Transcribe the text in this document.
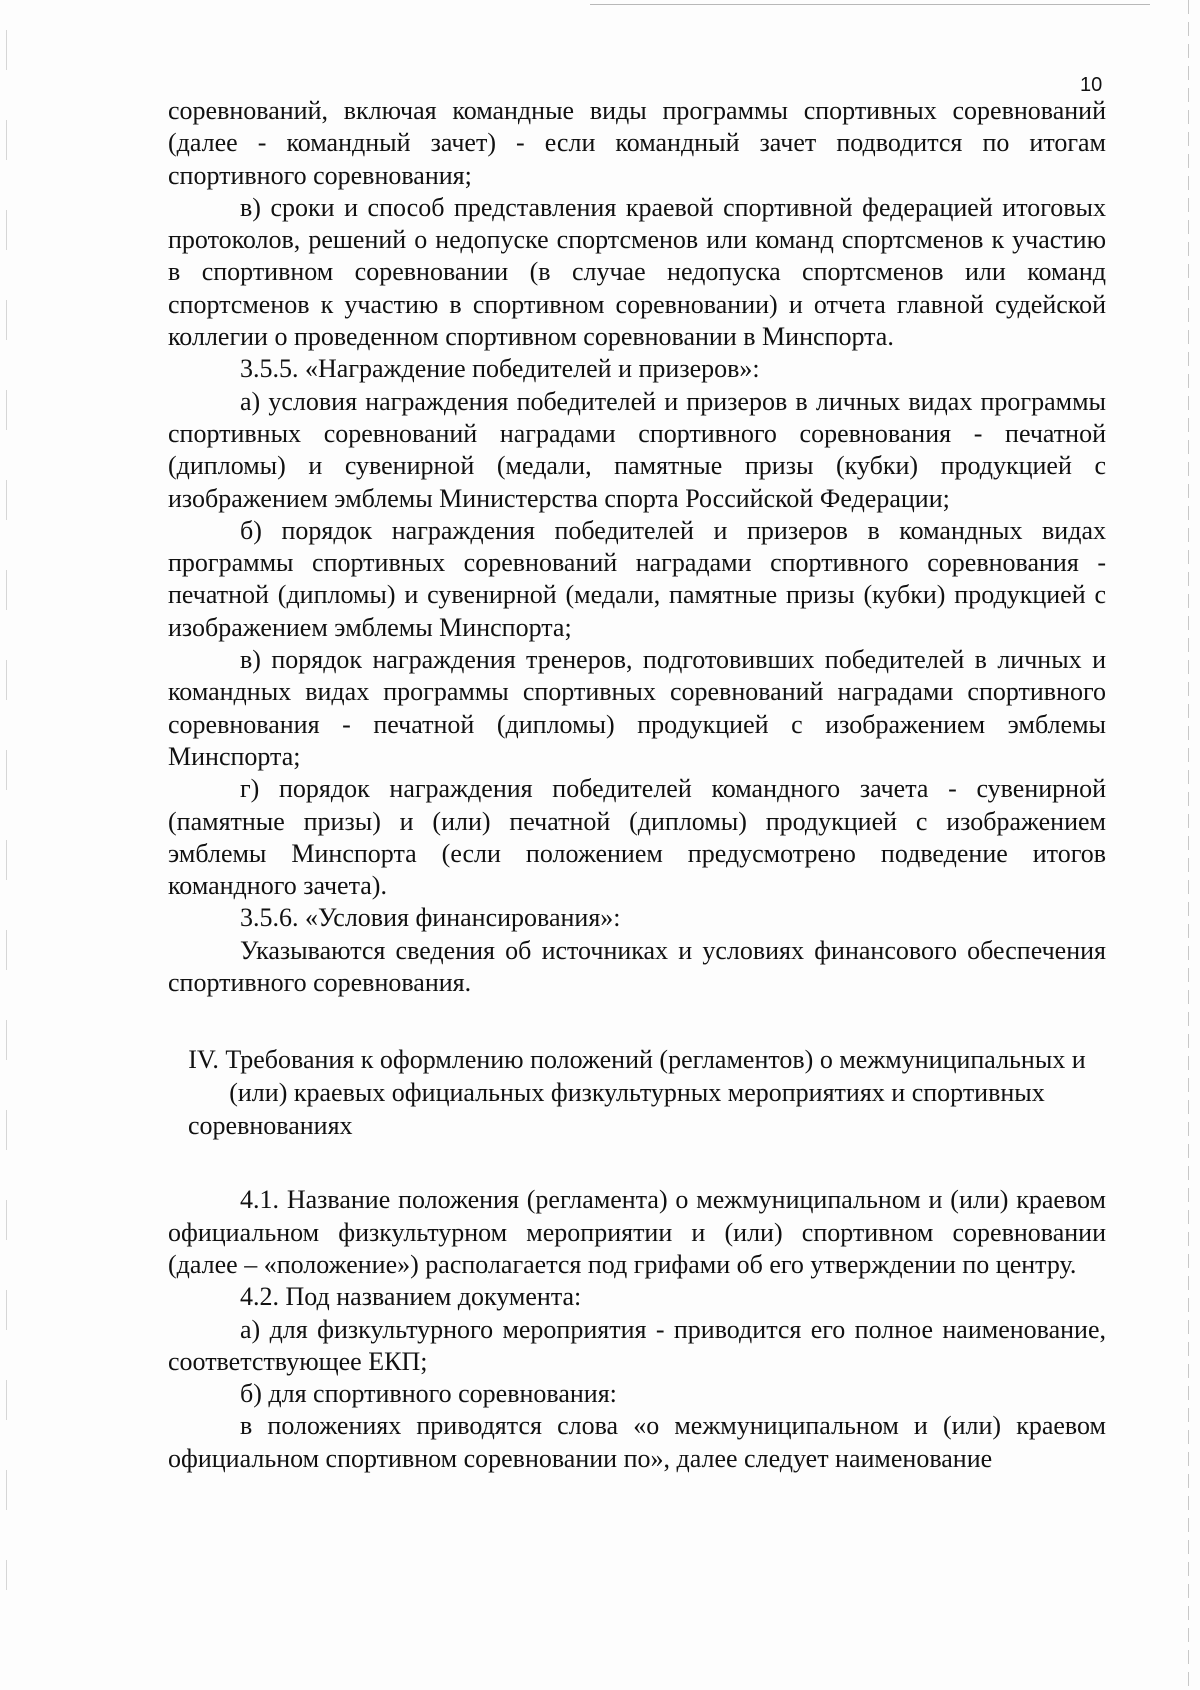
10

соревнований, включая командные виды программы спортивных соревнований (далее - командный зачет) - если командный зачет подводится по итогам спортивного соревнования;

в) сроки и способ представления краевой спортивной федерацией итоговых протоколов, решений о недопуске спортсменов или команд спортсменов к участию в спортивном соревновании (в случае недопуска спортсменов или команд спортсменов к участию в спортивном соревновании) и отчета главной судейской коллегии о проведенном спортивном соревновании в Минспорта.

3.5.5. «Награждение победителей и призеров»:

а) условия награждения победителей и призеров в личных видах программы спортивных соревнований наградами спортивного соревнования - печатной (дипломы) и сувенирной (медали, памятные призы (кубки) продукцией с изображением эмблемы Министерства спорта Российской Федерации;

б) порядок награждения победителей и призеров в командных видах программы спортивных соревнований наградами спортивного соревнования - печатной (дипломы) и сувенирной (медали, памятные призы (кубки) продукцией с изображением эмблемы Минспорта;

в) порядок награждения тренеров, подготовивших победителей в личных и командных видах программы спортивных соревнований наградами спортивного соревнования - печатной (дипломы) продукцией с изображением эмблемы Минспорта;

г) порядок награждения победителей командного зачета - сувенирной (памятные призы) и (или) печатной (дипломы) продукцией с изображением эмблемы Минспорта (если положением предусмотрено подведение итогов командного зачета).

3.5.6. «Условия финансирования»:

Указываются сведения об источниках и условиях финансового обеспечения спортивного соревнования.

IV. Требования к оформлению положений (регламентов) о межмуниципальных и (или) краевых официальных физкультурных мероприятиях и спортивных соревнованиях

4.1. Название положения (регламента) о межмуниципальном и (или) краевом официальном физкультурном мероприятии и (или) спортивном соревновании (далее – «положение») располагается под грифами об его утверждении по центру.

4.2. Под названием документа:

а) для физкультурного мероприятия - приводится его полное наименование, соответствующее ЕКП;

б) для спортивного соревнования:

в положениях приводятся слова «о межмуниципальном и (или) краевом официальном спортивном соревновании по», далее следует наименование
